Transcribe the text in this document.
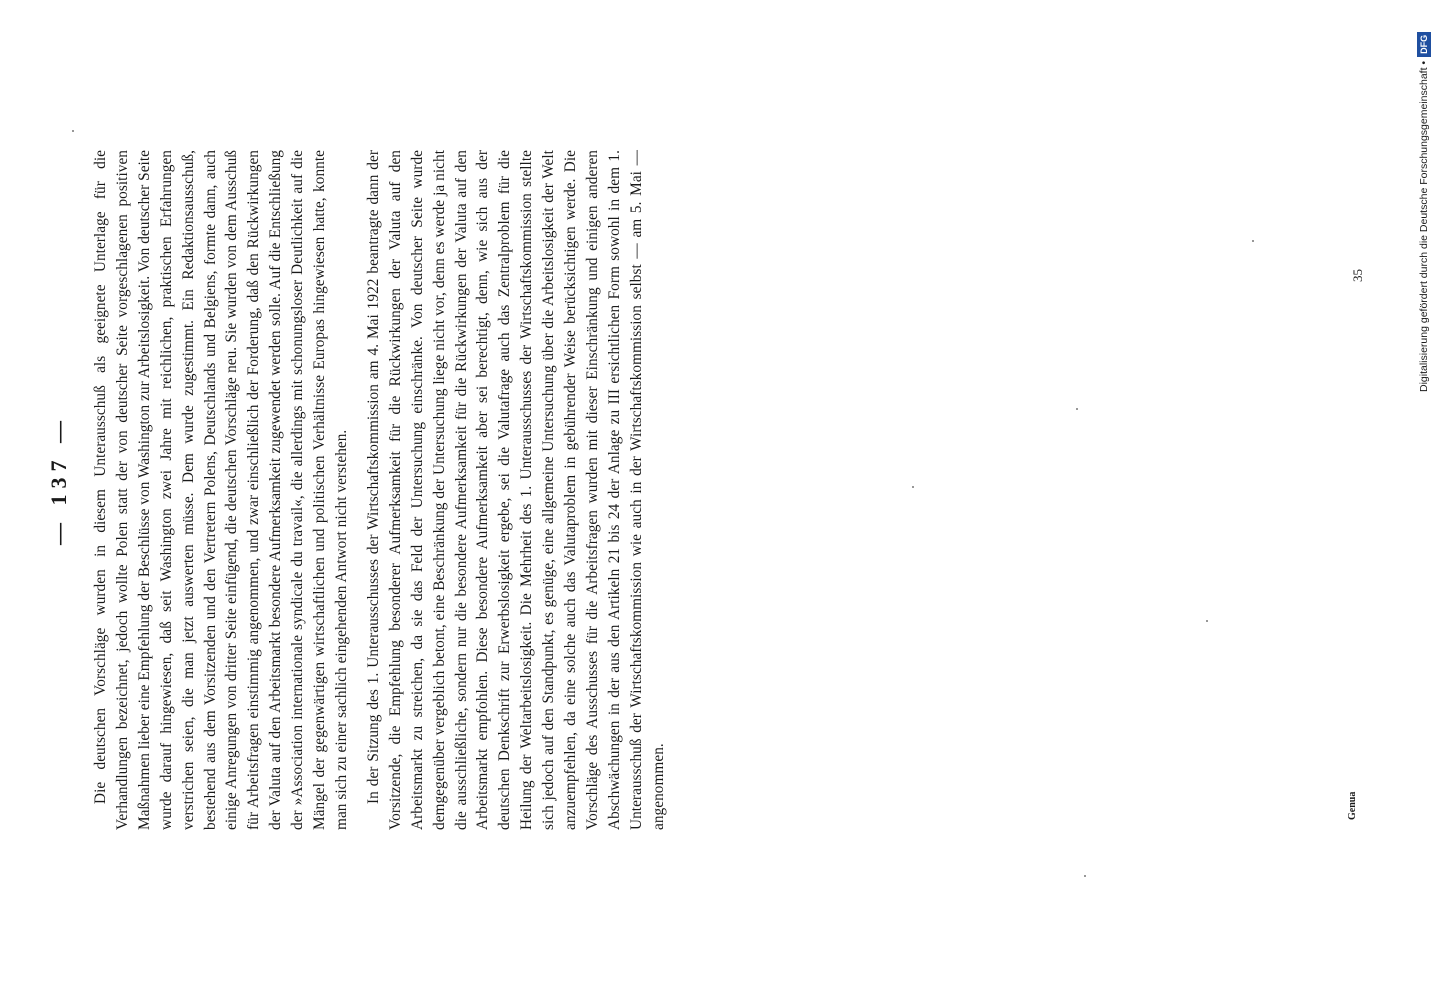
— 137 — Die deutschen Vorschläge wurden in diesem Unterausschuß als geeignete Unterlage für die Verhandlungen bezeichnet, jedoch wollte Polen statt der von deutscher Seite vorgeschlagenen positiven Maßnahmen lieber eine Empfehlung der Beschlüsse von Washington zur Arbeitslosigkeit. Von deutscher Seite wurde darauf hingewiesen, daß seit Washington zwei Jahre mit reichlichen, praktischen Erfahrungen verstrichen seien, die man jetzt auswerten müsse. Dem wurde zugestimmt. Ein Redaktionsausschuß, bestehend aus dem Vorsitzenden und den Vertretern Polens, Deutschlands und Belgiens, formte dann, auch einige Anregungen von dritter Seite einfügend, die deutschen Vorschläge neu. Sie wurden von dem Ausschuß für Arbeitsfragen einstimmig angenommen, und zwar einschließlich der Forderung, daß den Rückwirkungen der Valuta auf den Arbeitsmarkt besondere Aufmerksamkeit zugewendet werden solle. Auf die Entschließung der »Association internationale syndicale du travail«, die allerdings mit schonungsloser Deutlichkeit auf die Mängel der gegenwärtigen wirtschaftlichen und politischen Verhältnisse Europas hingewiesen hatte, konnte man sich zu einer sachlich eingehenden Antwort nicht verstehen. In der Sitzung des 1. Unterausschusses der Wirtschaftskommission am 4. Mai 1922 beantragte dann der Vorsitzende, die Empfehlung besonderer Aufmerksamkeit für die Rückwirkungen der Valuta auf den Arbeitsmarkt zu streichen, da sie das Feld der Untersuchung einschränke. Von deutscher Seite wurde demgegenüber vergeblich betont, eine Beschränkung der Untersuchung liege nicht vor, denn es werde ja nicht die ausschließliche, sondern nur die besondere Aufmerksamkeit für die Rückwirkungen der Valuta auf den Arbeitsmarkt empfohlen. Diese besondere Aufmerksamkeit aber sei berechtigt, denn, wie sich aus der deutschen Denkschrift zur Erwerbslosigkeit ergebe, sei die Valutafrage auch das Zentralproblem für die Heilung der Weltarbeitslosigkeit. Die Mehrheit des 1. Unterausschusses der Wirtschaftskommission stellte sich jedoch auf den Standpunkt, es genüge, eine allgemeine Untersuchung über die Arbeitslosigkeit der Welt anzuempfehlen, da eine solche auch das Valutaproblem in gebührender Weise berücksichtigen werde. Die Vorschläge des Ausschusses für die Arbeitsfragen wurden mit dieser Einschränkung und einigen anderen Abschwächungen in der aus den Artikeln 21 bis 24 der Anlage zu III ersichtlichen Form sowohl in dem 1. Unterausschuß der Wirtschaftskommission wie auch in der Wirtschaftskommission selbst — am 5. Mai — angenommen.

35
Genua
Digitalisierung gefördert durch die Deutsche Forschungsgemeinschaft •
DFG
